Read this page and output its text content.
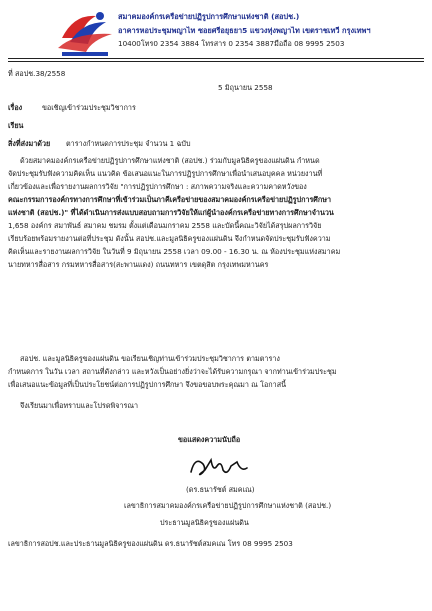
สมาคมองค์กรเครือข่ายปฏิรูปการศึกษาแห่งชาติ (สอปช.)
อาคารหอประชุมพญาไท ซอยศรีอยุธยา5 แขวงทุ่งพญาไท เขตราชเทวี กรุงเทพฯ
10400โทร0 2354 3884 โทรสาร 0 2354 3887มือถือ 08 9995 2503
ที่ สอปช.38/2558
5 มิถุนายน 2558
เรื่อง	ขอเชิญเข้าร่วมประชุมวิชาการ
เรียน
สิ่งที่ส่งมาด้วย ตารางกำหนดการประชุม จำนวน 1 ฉบับ
ด้วยสมาคมองค์กรเครือข่ายปฏิรูปการศึกษาแห่งชาติ (สอปช.) ร่วมกับมูลนิธิครูของแผ่นดิน กำหนด
จัดประชุมรับฟังความคิดเห็น แนวคิด ข้อเสนอแนะในการปฏิรูปการศึกษาเพื่อนำเสนอบุคคล หน่วยงานที่
เกี่ยวข้องและเพื่อรายงานผลการวิจัย "การปฏิรูปการศึกษา : สภาพความจริงและความคาดหวังของ
คณะกรรมการองค์กรทางการศึกษาที่เข้าร่วมเป็นภาคีเครือข่ายของสมาคมองค์กรเครือข่ายปฏิรูปการศึกษา
แห่งชาติ (สอปช.)" ที่ได้ดำเนินการส่งแบบสอบถามการวิจัยให้แก่ผู้นำองค์กรเครือข่ายทางการศึกษาจำนวน
1,658 องค์กร สมาพันธ์ สมาคม ชมรม ตั้งแต่เดือนมกราคม 2558 และบัดนี้คณะวิจัยได้สรุปผลการวิจัย
เรียบร้อยพร้อมรายงานต่อที่ประชุม ดังนั้น สอปช.และมูลนิธิครูของแผ่นดิน จึงกำหนดจัดประชุมรับฟังความ
คิดเห็นและรายงานผลการวิจัย ในวันที่ 9 มิถุนายน 2558 เวลา 09.00 - 16.30 น. ณ ห้องประชุมแห่งสมาคม
นายทหารสื่อสาร กรมทหารสื่อสาร(สะพานแดง) ถนนทหาร เขตดุสิต กรุงเทพมหานคร
สอปช. และมูลนิธิครูของแผ่นดิน ขอเรียนเชิญท่านเข้าร่วมประชุมวิชาการ ตามตาราง
กำหนดการ ในวัน เวลา สถานที่ดังกล่าว และหวังเป็นอย่างยิ่งว่าจะได้รับความกรุณา จากท่านเข้าร่วมประชุม
เพื่อเสนอแนะข้อมูลที่เป็นประโยชน์ต่อการปฏิรูปการศึกษา จึงขอขอบพระคุณมา ณ โอกาสนี้
จึงเรียนมาเพื่อทราบและโปรดพิจารณา
ขอแสดงความนับถือ
(ดร.ธนารัชต์ สมคเณ)
เลขาธิการสมาคมองค์กรเครือข่ายปฏิรูปการศึกษาแห่งชาติ (สอปช.)
ประธานมูลนิธิครูของแผ่นดิน
เลขาธิการสอปช.และประธานมูลนิธิครูของแผ่นดิน ดร.ธนารัชต์สมคเณ โทร 08 9995 2503
